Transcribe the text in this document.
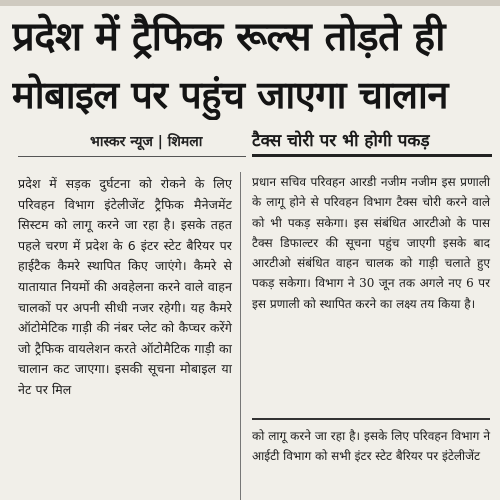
प्रदेश में ट्रैफिक रूल्स तोड़ते ही
मोबाइल पर पहुंच जाएगा चालान
भास्कर न्यूज | शिमला	टैक्स चोरी पर भी होगी पकड़

प्रदेश में सड़क दुर्घटना को रोकने के लिए परिवहन विभाग इंटेलीजेंट ट्रैफिक मैनेजमेंट सिस्टम को लागू करने जा रहा है। इसके तहत पहले चरण में प्रदेश के 6 इंटर स्टेट बैरियर पर हाईटैक कैमरे स्थापित किए जाएंगे। कैमरे से यातायात नियमों की अवहेलना करने वाले वाहन चालकों पर अपनी सीधी नजर रहेगी। यह कैमरे ऑटोमेटिक गाड़ी की नंबर प्लेट को कैप्चर करेंगे जो ट्रैफिक वायलेशन करते ऑटोमैटिक गाड़ी का चालान कट जाएगा। इसकी सूचना मोबाइल या नेट पर मिल

प्रधान सचिव परिवहन आरडी नजीम नजीम इस प्रणाली के लागू होने से परिवहन विभाग टैक्स चोरी करने वाले को भी पकड़ सकेगा। इस संबंधित आरटीओ के पास टैक्स डिफाल्टर की सूचना पहुंच जाएगी इसके बाद आरटीओ संबंधित वाहन चालक को गाड़ी चलाते हुए पकड़ सकेगा। विभाग ने 30 जून तक अगले नए 6 पर इस प्रणाली को स्थापित करने का लक्ष्य तय किया है।

को लागू करने जा रहा है। इसके लिए परिवहन विभाग ने आईटी विभाग को सभी इंटर स्टेट बैरियर पर इंटेलीजेंट
